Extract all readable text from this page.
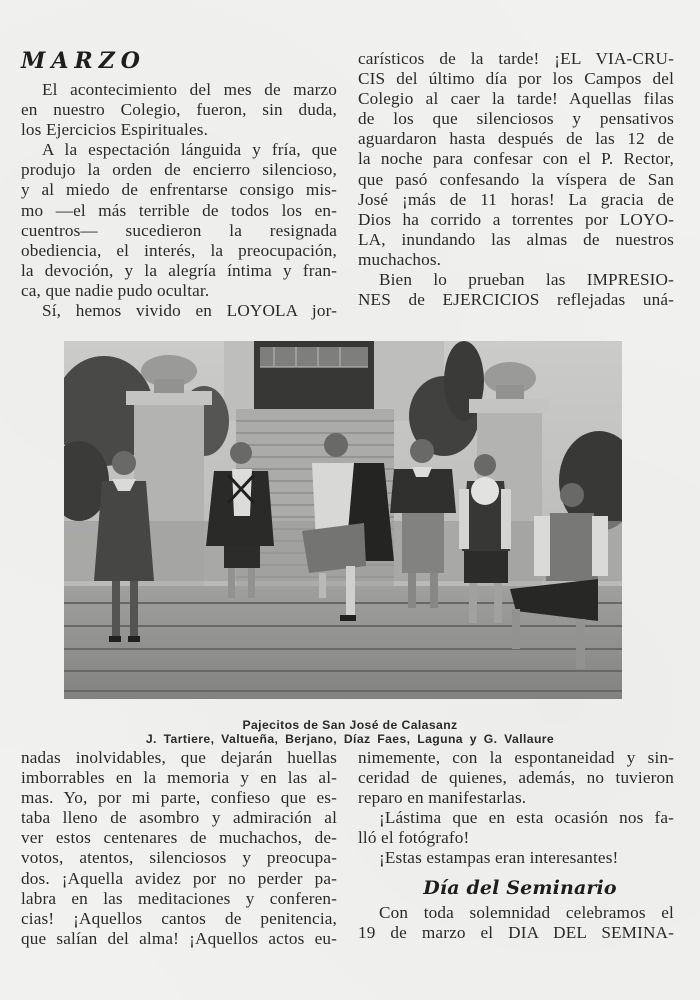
MARZO
El acontecimiento del mes de marzo
en nuestro Colegio, fueron, sin duda,
los Ejercicios Espirituales.
A la espectación lánguida y fría, que
produjo la orden de encierro silencioso,
y al miedo de enfrentarse consigo mis-
mo —el más terrible de todos los en-
cuentros— sucedieron la resignada
obediencia, el interés, la preocupación,
la devoción, y la alegría íntima y fran-
ca, que nadie pudo ocultar.
Sí, hemos vivido en LOYOLA jor-
carísticos de la tarde! ¡EL VIA-CRU-
CIS del último día por los Campos del
Colegio al caer la tarde! Aquellas filas
de los que silenciosos y pensativos
aguardaron hasta después de las 12 de
la noche para confesar con el P. Rector,
que pasó confesando la víspera de San
José ¡más de 11 horas! La gracia de
Dios ha corrido a torrentes por LOYO-
LA, inundando las almas de nuestros
muchachos.
Bien lo prueban las IMPRESIO-
NES de EJERCICIOS reflejadas uná-
Pajecitos de San José de Calasanz
J. Tartiere, Valtueña, Berjano, Díaz Faes, Laguna y G. Vallaure
nadas inolvidables, que dejarán huellas
imborrables en la memoria y en las al-
mas. Yo, por mi parte, confieso que es-
taba lleno de asombro y admiración al
ver estos centenares de muchachos, de-
votos, atentos, silenciosos y preocupa-
dos. ¡Aquella avidez por no perder pa-
labra en las meditaciones y conferen-
cias! ¡Aquellos cantos de penitencia,
que salían del alma! ¡Aquellos actos eu-
nimemente, con la espontaneidad y sin-
ceridad de quienes, además, no tuvieron
reparo en manifestarlas.
¡Lástima que en esta ocasión nos fa-
lló el fotógrafo!
¡Estas estampas eran interesantes!
Día del Seminario
Con toda solemnidad celebramos el
19 de marzo el DIA DEL SEMINA-
